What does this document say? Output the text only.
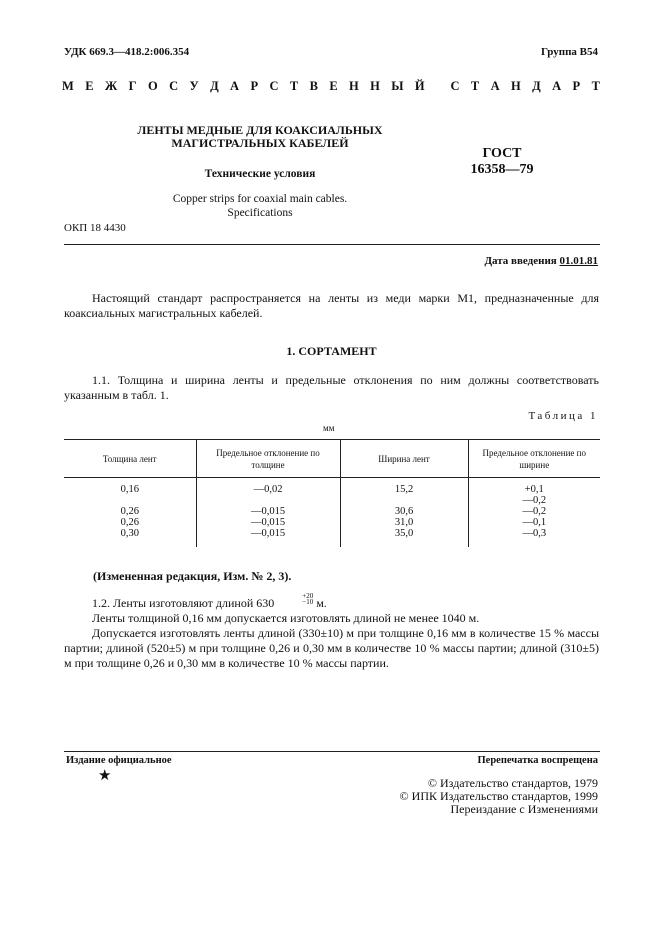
УДК 669.3—418.2:006.354	Группа В54
М Е Ж Г О С У Д А Р С Т В Е Н Н Ы Й
С Т А Н Д А Р Т
ЛЕНТЫ МЕДНЫЕ ДЛЯ КОАКСИАЛЬНЫХ
МАГИСТРАЛЬНЫХ КАБЕЛЕЙ
Технические условия
Copper strips for coaxial main cables.
Specifications
ГОСТ
16358—79
ОКП 18 4430
Дата введения 01.01.81
Настоящий стандарт распространяется на ленты из меди марки М1, предназначенные для коаксиальных магистральных кабелей.
1. СОРТАМЕНТ
1.1. Толщина и ширина ленты и предельные отклонения по ним должны соответствовать указанным в табл. 1.
Таблица 1
мм
Толщина лент	Предельное отклонение по толщине	Ширина лент	Предельное отклонение по ширине

0,16	—0,02	15,2	+0,1
			—0,2
0,26	—0,015	30,6	—0,2
0,26	—0,015	31,0	—0,1
0,30	—0,015	35,0	—0,3

(Измененная редакция, Изм. № 2, 3).
1.2. Ленты изготовляют длиной 630	+20
−10 м.
Ленты толщиной 0,16 мм допускается изготовлять длиной не менее 1040 м.
Допускается изготовлять ленты длиной (330±10) м при толщине 0,16 мм в количестве 15 % массы партии; длиной (520±5) м при толщине 0,26 и 0,30 мм в количестве 10 % массы партии; длиной (310±5) м при толщине 0,26 и 0,30 мм в количестве 10 % массы партии.
Издание официальное	Перепечатка воспрещена
★	© Издательство стандартов, 1979
© ИПК Издательство стандартов, 1999
Переиздание с Изменениями
